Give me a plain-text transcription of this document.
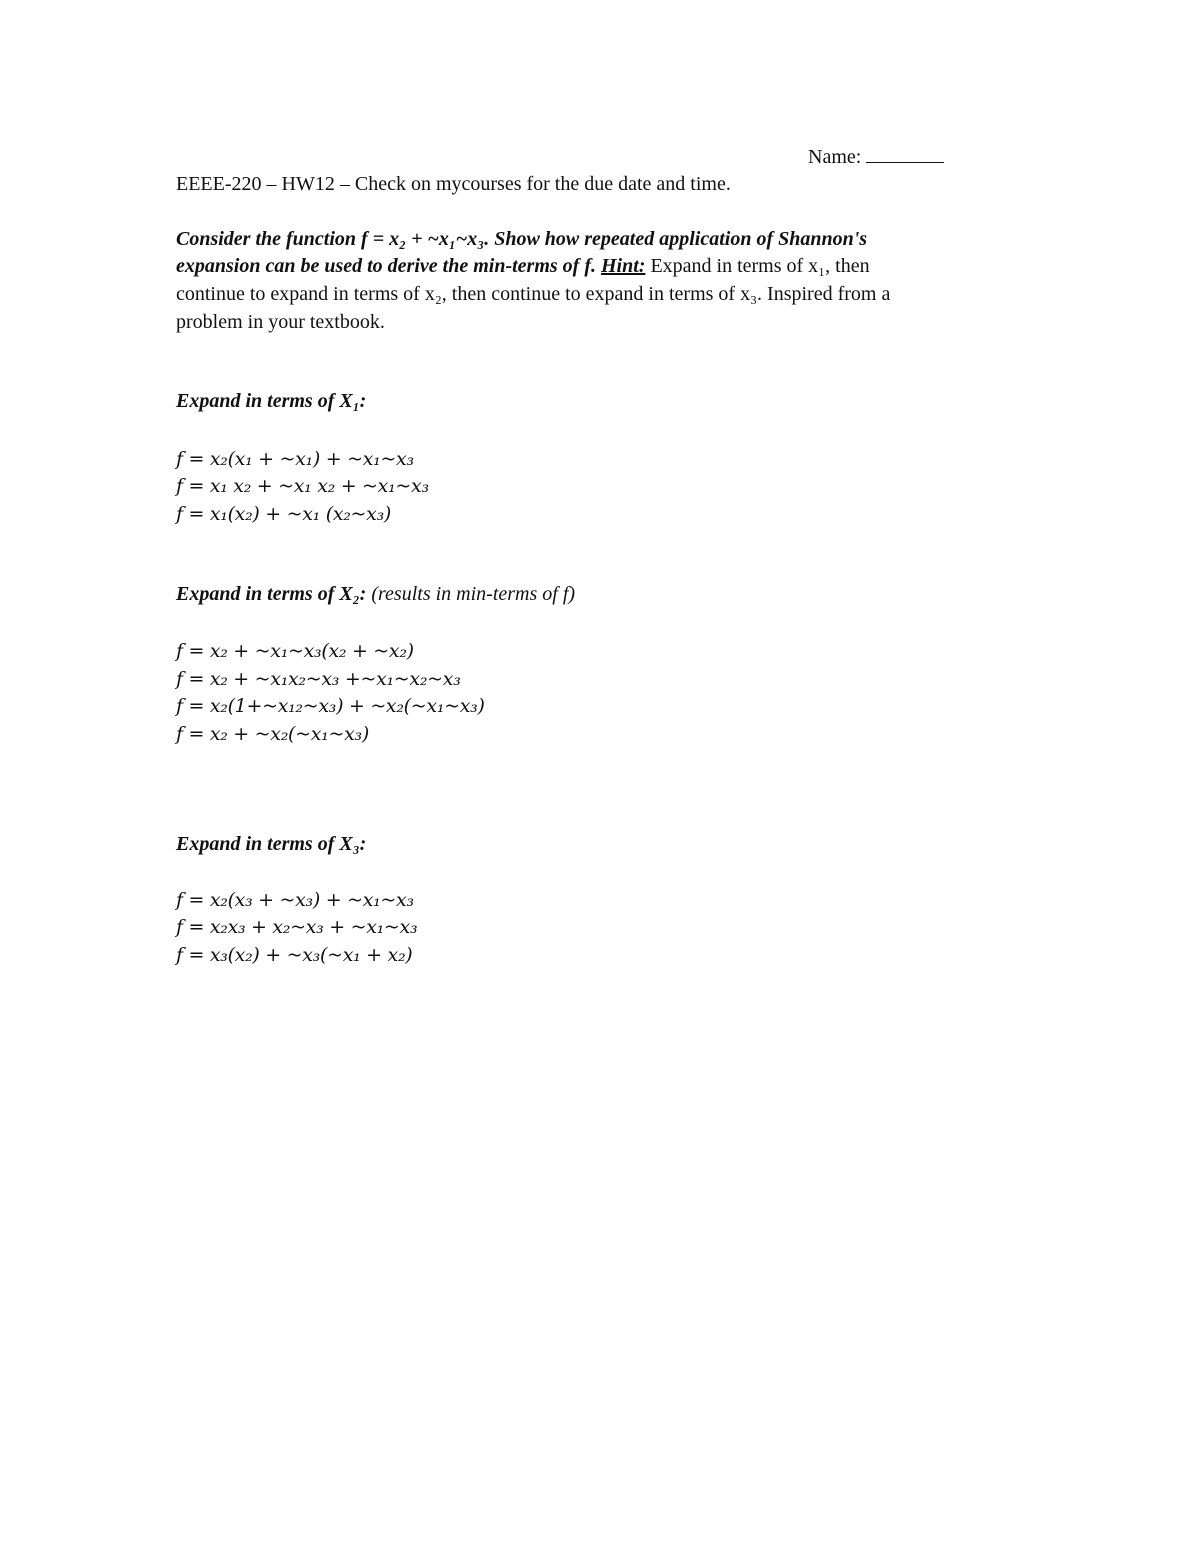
Name:
EEEE-220 – HW12 – Check on mycourses for the due date and time.
Consider the function f = x₂ + ~x₁~x₃. Show how repeated application of Shannon's
expansion can be used to derive the min-terms of f. Hint: Expand in terms of x₁, then
continue to expand in terms of x₂, then continue to expand in terms of x₃. Inspired from a
problem in your textbook.
Expand in terms of X₁:
f = x₂(x₁ + ~x₁) + ~x₁~x₃
f = x₁ x₂ + ~x₁ x₂ + ~x₁~x₃
f = x₁(x₂) + ~x₁ (x₂~x₃)
Expand in terms of X₂: (results in min-terms of f)
f = x₂ + ~x₁~x₃(x₂ + ~x₂)
f = x₂ + ~x₁x₂~x₃ +~x₁~x₂~x₃
f = x₂(1+~x₁₂~x₃) + ~x₂(~x₁~x₃)
f = x₂ + ~x₂(~x₁~x₃)
Expand in terms of X₃:
f = x₂(x₃ + ~x₃) + ~x₁~x₃
f = x₂x₃ + x₂~x₃ + ~x₁~x₃
f = x₃(x₂) + ~x₃(~x₁ + x₂)
